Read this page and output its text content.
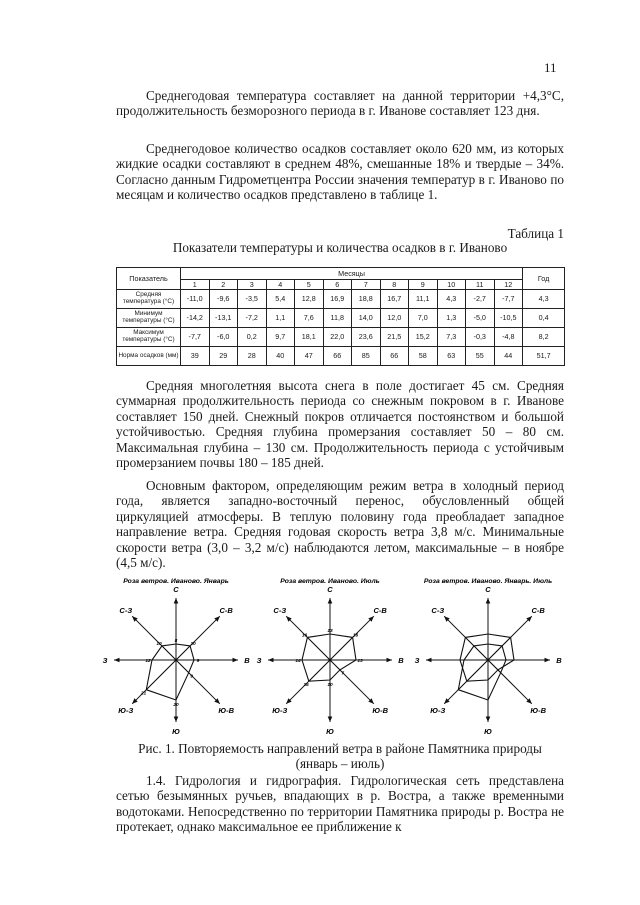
11
Среднегодовая температура составляет на данной территории +4,3°С, продолжительность безморозного периода в г. Иванове составляет 123 дня.
Среднегодовое количество осадков составляет около 620 мм, из которых жидкие осадки составляют в среднем 48%, смешанные 18% и твердые – 34%. Согласно данным Гидрометцентра России значения температур в г. Иваново по месяцам и количество осадков представлено в таблице 1.
Таблица 1
Показатели температуры и количества осадков в г. Иваново
Показатель	Месяцы												Год
	1	2	3	4	5	6	7	8	9	10	11	12	
Средняя температура (°С)	-11,0	-9,6	-3,5	5,4	12,8	16,9	18,8	16,7	11,1	4,3	-2,7	-7,7	4,3
Минимум температуры (°С)	-14,2	-13,1	-7,2	1,1	7,6	11,8	14,0	12,0	7,0	1,3	-5,0	-10,5	0,4
Максимум температуры (°С)	-7,7	-6,0	0,2	9,7	18,1	22,0	23,6	21,5	15,2	7,3	-0,3	-4,8	8,2
Норма осадков (мм)	39	29	28	40	47	66	85	66	58	63	55	44	51,7
Средняя многолетняя высота снега в поле достигает 45 см. Средняя суммарная продолжительность периода со снежным покровом в г. Иванове составляет 150 дней. Снежный покров отличается постоянством и большой устойчивостью. Средняя глубина промерзания составляет 50 – 80 см. Максимальная глубина – 130 см. Продолжительность периода с устойчивым промерзанием почвы 180 – 185 дней.
Основным фактором, определяющим режим ветра в холодный период года, является западно-восточный перенос, обусловленный общей циркуляцией атмосферы. В теплую половину года преобладает западное направление ветра. Средняя годовая скорость ветра 3,8 м/с. Минимальные скорости ветра (3,0 – 3,2 м/с) наблюдаются летом, максимальные – в ноябре (4,5 м/с).
Роза ветров. Иваново. Январь
С
С-В
В
Ю-В
Ю
Ю-З
З
С-З
8
10
9
9
20
21
12
10
Роза ветров. Иваново. Июль
С
С-В
В
Ю-В
Ю
Ю-З
З
С-З
13
16
13
7
10
15
14
16
Роза ветров. Иваново. Январь. Июль
С
С-В
В
Ю-В
Ю
Ю-З
З
С-З
Рис. 1. Повторяемость направлений ветра в районе Памятника природы
(январь – июль)
1.4. Гидрология и гидрография. Гидрологическая сеть представлена сетью безымянных ручьев, впадающих в р. Востра, а также временными водотоками. Непосредственно по территории Памятника природы р. Востра не протекает, однако максимальное ее приближение к
